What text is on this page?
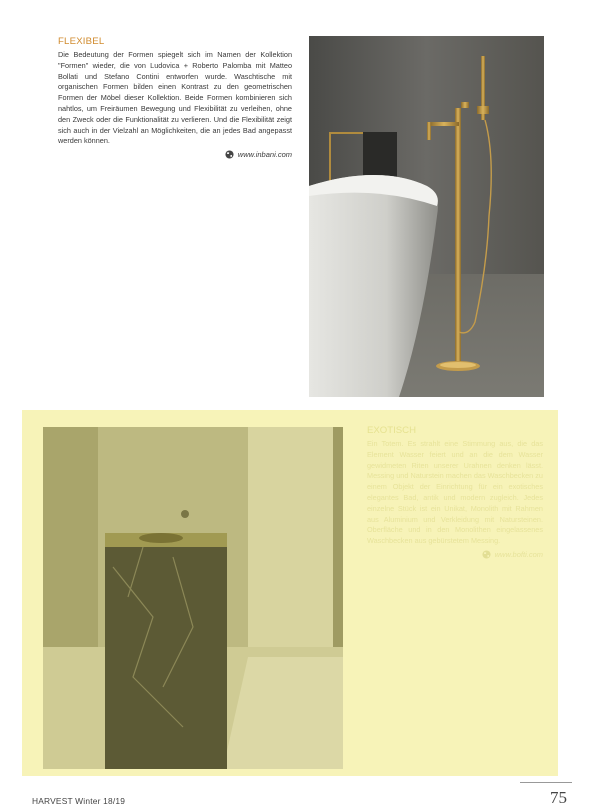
FLEXIBEL
Die Bedeutung der Formen spiegelt sich im Namen der Kollektion "Formen" wieder, die von Ludovica + Roberto Palomba mit Matteo Bollati und Stefano Contini entworfen wurde. Waschtische mit organischen Formen bilden einen Kontrast zu den geometrischen Formen der Möbel dieser Kollektion. Beide Formen kombinieren sich nahtlos, um Freiräumen Bewegung und Flexibilität zu verleihen, ohne den Zweck oder die Funktionalität zu verlieren. Und die Flexibilität zeigt sich auch in der Vielzahl an Möglichkeiten, die an jedes Bad angepasst werden können.
www.inbani.com
EXOTISCH
Ein Totem. Es strahlt eine Stimmung aus, die das Element Wasser feiert und an die dem Wasser gewidmeten Riten unserer Urahnen denken lässt. Messing und Naturstein machen das Waschbecken zu einem Objekt der Einrichtung für ein exotisches elegantes Bad, antik und modern zugleich. Jedes einzelne Stück ist ein Unikat, Monolith mit Rahmen aus Aluminium und Verkleidung mit Natursteinen. Oberfläche und in den Monolithen eingelassenes Waschbecken aus gebürstetem Messing.
www.bofti.com
HARVEST Winter 18/19	75
